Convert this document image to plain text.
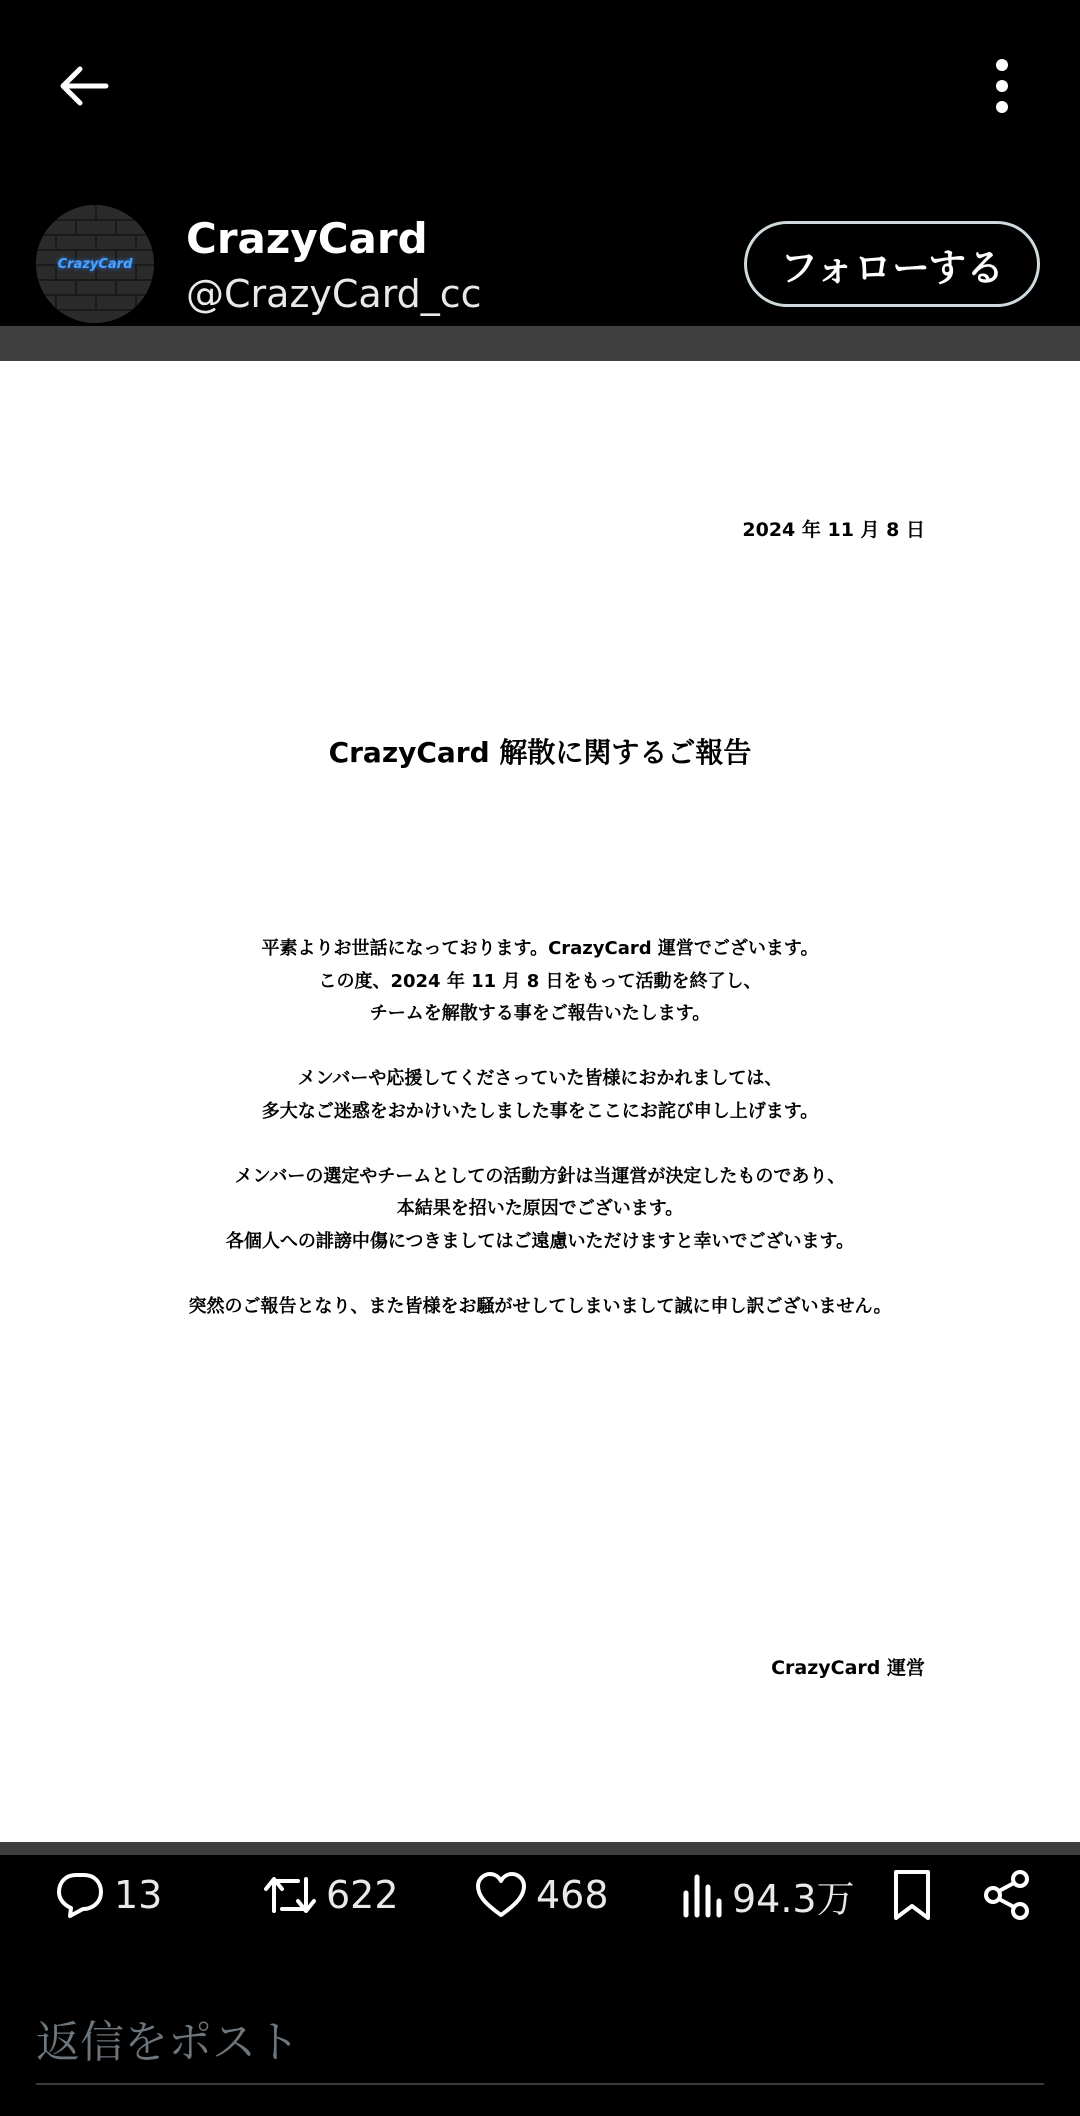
CrazyCard
CrazyCard
@CrazyCard_cc
フォローする
2024 年 11 月 8 日
CrazyCard 解散に関するご報告

平素よりお世話になっております。CrazyCard 運営でございます。
この度、2024 年 11 月 8 日をもって活動を終了し、
チームを解散する事をご報告いたします。

メンバーや応援してくださっていた皆様におかれましては、
多大なご迷惑をおかけいたしました事をここにお詫び申し上げます。

メンバーの選定やチームとしての活動方針は当運営が決定したものであり、
本結果を招いた原因でございます。
各個人への誹謗中傷につきましてはご遠慮いただけますと幸いでございます。

突然のご報告となり、また皆様をお騒がせしてしまいまして誠に申し訳ございません。

CrazyCard 運営
13	622	468	94.3万
返信をポスト
